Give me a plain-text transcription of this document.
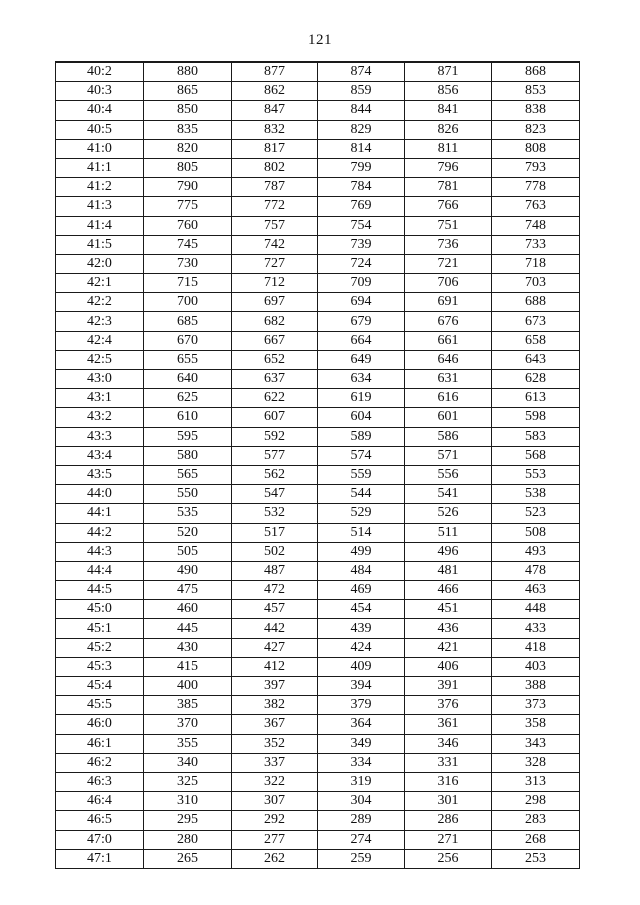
121
40:2	880	877	874	871	868
40:3	865	862	859	856	853
40:4	850	847	844	841	838
40:5	835	832	829	826	823
41:0	820	817	814	811	808
41:1	805	802	799	796	793
41:2	790	787	784	781	778
41:3	775	772	769	766	763
41:4	760	757	754	751	748
41:5	745	742	739	736	733
42:0	730	727	724	721	718
42:1	715	712	709	706	703
42:2	700	697	694	691	688
42:3	685	682	679	676	673
42:4	670	667	664	661	658
42:5	655	652	649	646	643
43:0	640	637	634	631	628
43:1	625	622	619	616	613
43:2	610	607	604	601	598
43:3	595	592	589	586	583
43:4	580	577	574	571	568
43:5	565	562	559	556	553
44:0	550	547	544	541	538
44:1	535	532	529	526	523
44:2	520	517	514	511	508
44:3	505	502	499	496	493
44:4	490	487	484	481	478
44:5	475	472	469	466	463
45:0	460	457	454	451	448
45:1	445	442	439	436	433
45:2	430	427	424	421	418
45:3	415	412	409	406	403
45:4	400	397	394	391	388
45:5	385	382	379	376	373
46:0	370	367	364	361	358
46:1	355	352	349	346	343
46:2	340	337	334	331	328
46:3	325	322	319	316	313
46:4	310	307	304	301	298
46:5	295	292	289	286	283
47:0	280	277	274	271	268
47:1	265	262	259	256	253
